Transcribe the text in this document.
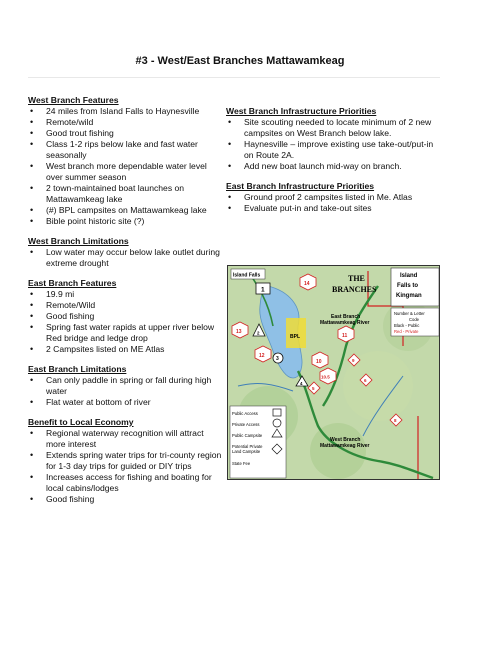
#3 - West/East Branches Mattawamkeag
West Branch Features
• 24 miles from Island Falls to Haynesville
• Remote/wild
• Good trout fishing
• Class 1-2 rips below lake and fast water seasonally
• West branch more dependable water level over summer season
• 2 town-maintained boat launches on Mattawamkeag lake
• (#) BPL campsites on Mattawamkeag lake
• Bible point historic site (?)
West Branch Limitations
• Low water may occur below lake outlet during extreme drought
East Branch Features
• 19.9 mi
• Remote/Wild
• Good fishing
• Spring fast water rapids at upper river below Red bridge and ledge drop
• 2 Campsites listed on ME Atlas
East Branch Limitations
• Can only paddle in spring or fall during high water
• Flat water at bottom of river
Benefit to Local Economy
• Regional waterway recognition will attract more interest
• Extends spring water trips for tri-county region for 1-3 day trips for guided or DIY trips
• Increases access for fishing and boating for local cabins/lodges
• Good fishing
West Branch Infrastructure Priorities
• Site scouting needed to locate minimum of 2 new campsites on West Branch below lake.
• Haynesville – improve existing use take-out/put-in on Route 2A.
• Add new boat launch mid-way on branch.
East Branch Infrastructure Priorities
• Ground proof 2 campsites listed in Me. Atlas
• Evaluate put-in and take-out sites
Island Falls	THE
BRANCHES
Island
Falls to
Kingman
Number & Letter
Code
Black - Public
Red - Private
East Branch
Mattawamkeag River
West Branch
Mattawamkeag River
BPL
1
14
13	2
12 3
11
10
4
5
10.5
9
6
8
Public Access
Private Access
Public Campsite
Potential Private
Land Campsite
State Fee
